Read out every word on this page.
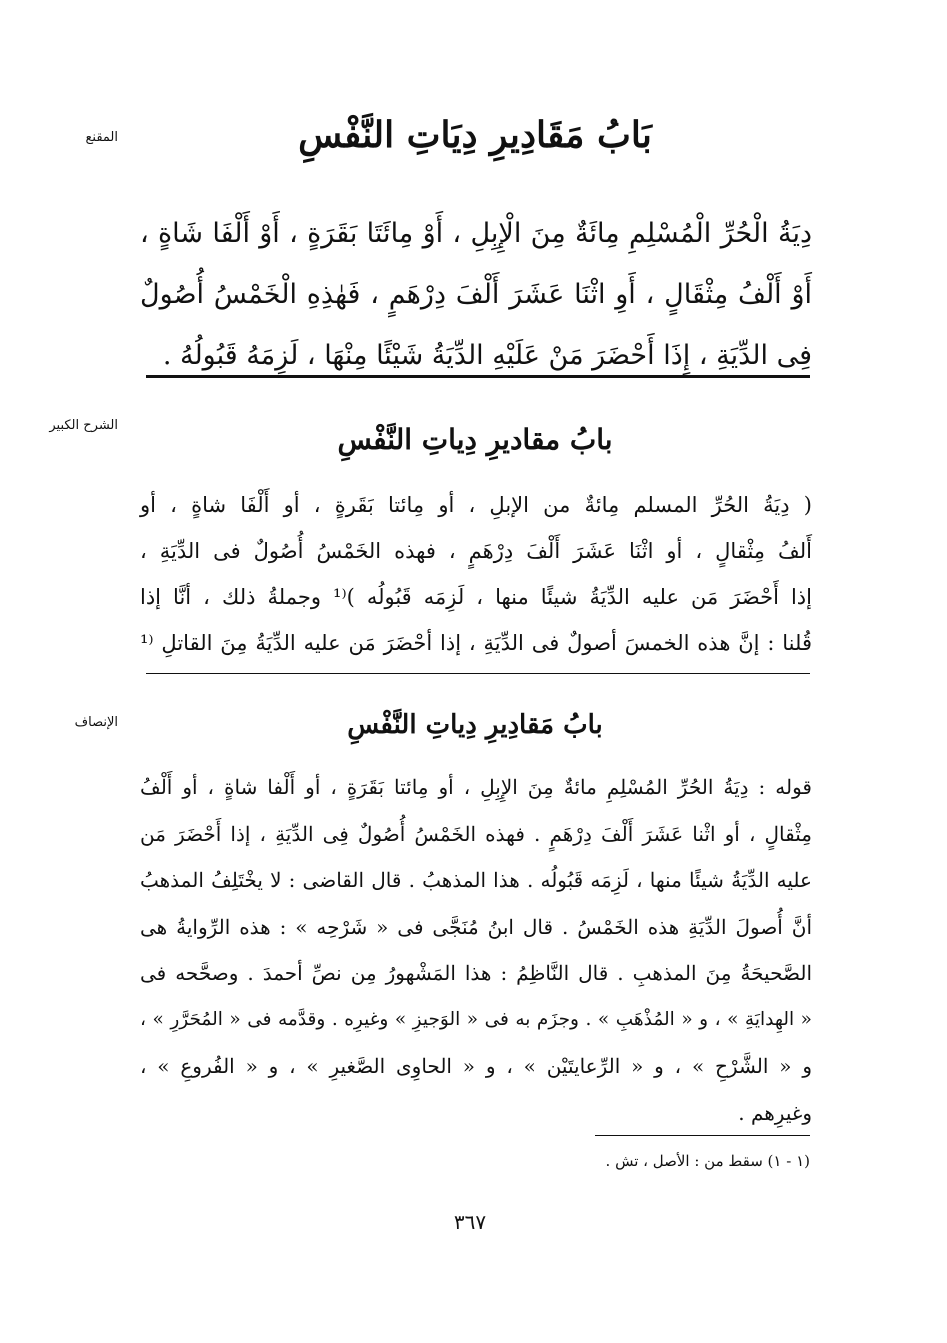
المقنع
الشرح الكبير
الإنصاف
بَابُ مَقَادِيرِ دِيَاتِ النَّفْسِ
دِيَةُ الْحُرِّ الْمُسْلِمِ مِائَةٌ مِنَ الْإِبِلِ ، أَوْ مِائَتَا بَقَرَةٍ ، أَوْ أَلْفَا شَاةٍ ،
أَوْ أَلْفُ مِثْقَالٍ ، أَوِ اثْنَا عَشَرَ أَلْفَ دِرْهَمٍ ، فَهٰذِهِ الْخَمْسُ أُصُولٌ
فِى الدِّيَةِ ، إِذَا أَحْضَرَ مَنْ عَلَيْهِ الدِّيَةُ شَيْئًا مِنْهَا ، لَزِمَهُ قَبُولُهُ .
بابُ مقاديرِ دِياتِ النَّفْسِ
( دِيَةُ الحُرِّ المسلم مِائةٌ من الإبلِ ، أو مِائتا بَقَرةٍ ، أو أَلْفَا شاةٍ ، أو
أَلفُ مِثْقالٍ ، أو اثْنَا عَشَرَ أَلْفَ دِرْهَمٍ ، فهذه الخَمْسُ أُصُولٌ فى الدِّيَةِ ،
إذا أَحْضَرَ مَن عليه الدِّيَةُ شيئًا منها ، لَزِمَه قَبُولُه )⁽¹ وجملةُ ذلك ، أنَّا إذا
قُلنا : إنَّ هذه الخمسَ أصولٌ فى الدِّيَةِ ، إذا أحْضَرَ مَن عليه الدِّيَةُ مِنَ القاتلِ ⁽¹
بابُ مَقادِيرِ دِياتِ النَّفْسِ
قوله : دِيَةُ الحُرِّ المُسْلِمِ مائةٌ مِنَ الإِبِلِ ، أو مِائتا بَقَرَةٍ ، أو أَلْفا شاةٍ ، أو أَلْفُ
مِثْقالٍ ، أو اثْنا عَشَرَ أَلْفَ دِرْهَمٍ . فهذه الخَمْسُ أُصُولٌ فِى الدِّيَةِ ، إذا أَحْضَرَ مَن
عليه الدِّيَةُ شيئًا منها ، لَزِمَه قَبُولُه . هذا المذهبُ . قال القاضى : لا يخْتَلِفُ المذهبُ
أنَّ أُصولَ الدِّيَةِ هذه الخَمْسُ . قال ابنُ مُنَجَّى فى « شَرْحِه » : هذه الرِّوايةُ هى
الصَّحيحَةُ مِنَ المذهبِ . قال النَّاظِمُ : هذا المَشْهورُ مِن نصِّ أحمدَ . وصحَّحه فى
« الهِدايَةِ » ، و « المُذْهَبِ » . وجزَم به فى « الوَجيزِ » وغيرِه . وقدَّمه فى « المُحَرَّرِ » ،
و « الشَّرْحِ » ، و « الرِّعايتَيْن » ، و « الحاوِى الصَّغيرِ » ، و « الفُروعِ » ،
وغيرِهم .
(١ - ١) سقط من : الأصل ، تش .
٣٦٧
